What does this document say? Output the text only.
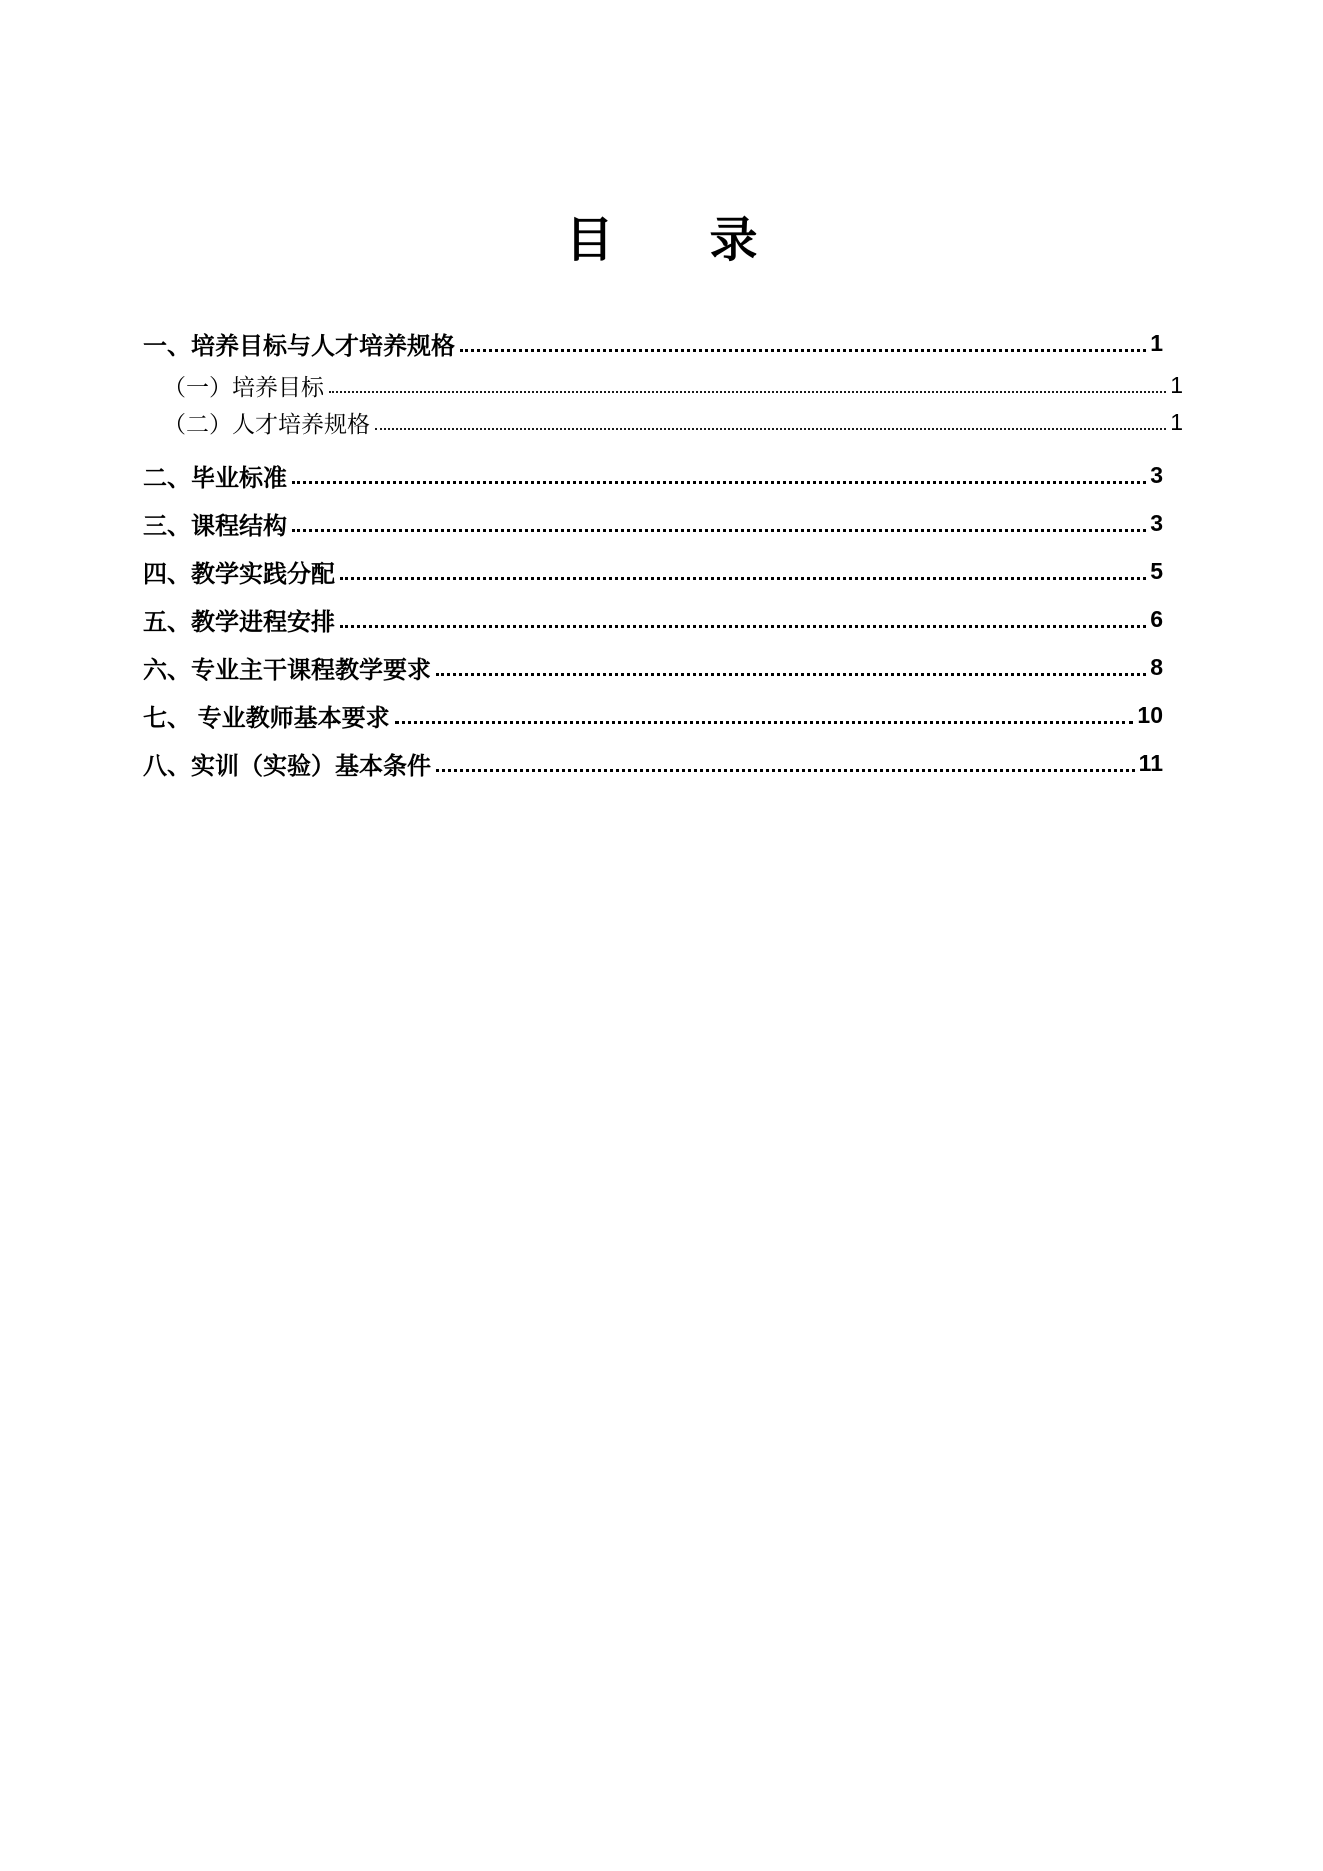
目　　录
一、培养目标与人才培养规格	1
（一）培养目标	1
（二）人才培养规格	1
二、毕业标准	3
三、课程结构	3
四、教学实践分配	5
五、教学进程安排	6
六、专业主干课程教学要求	8
七、 专业教师基本要求	10
八、实训（实验）基本条件	11
